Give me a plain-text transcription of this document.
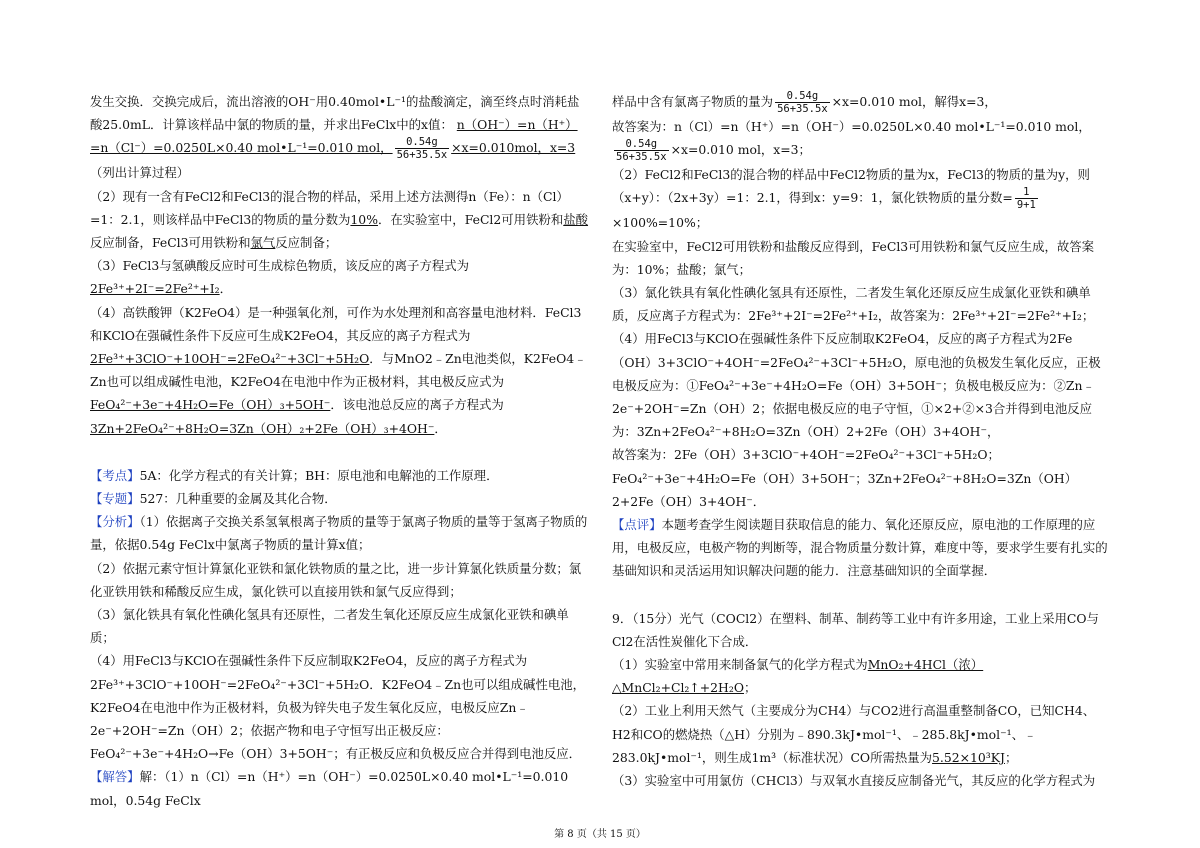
发生交换．交换完成后，流出溶液的OH⁻用0.40mol•L⁻¹的盐酸滴定，滴至终点时消耗盐酸25.0mL．计算该样品中氯的物质的量，并求出FeClx中的x值： n（OH⁻）=n（H⁺）=n（Cl⁻）=0.0250L×0.40 mol•L⁻¹=0.010 mol， $\frac{0.54g}{56+35.5x} \times x=0.010mol$，x=3 （列出计算过程）

（2）现有一含有FeCl2和FeCl3的混合物的样品，采用上述方法测得n（Fe）：n（Cl）=1：2.1，则该样品中FeCl3的物质的量分数为10%．在实验室中，FeCl2可用铁粉和盐酸反应制备，FeCl3可用铁粉和氯气反应制备；

（3）FeCl3与氢碘酸反应时可生成棕色物质，该反应的离子方程式为2Fe³⁺+2I⁻=2Fe²⁺+I₂．

（4）高铁酸钾（K2FeO4）是一种强氧化剂，可作为水处理剂和高容量电池材料．FeCl3和KClO在强碱性条件下反应可生成K2FeO4，其反应的离子方程式为2Fe³⁺+3ClO⁻+10OH⁻=2FeO₄²⁻+3Cl⁻+5H₂O．与MnO2﹣Zn电池类似，K2FeO4﹣Zn也可以组成碱性电池，K2FeO4在电池中作为正极材料，其电极反应式为FeO₄²⁻+3e⁻+4H₂O=Fe（OH）₃+5OH⁻．该电池总反应的离子方程式为3Zn+2FeO₄²⁻+8H₂O=3Zn（OH）₂+2Fe（OH）₃+4OH⁻．

【考点】5A：化学方程式的有关计算；BH：原电池和电解池的工作原理．

【专题】527：几种重要的金属及其化合物．

【分析】（1）依据离子交换关系氢氧根离子物质的量等于氯离子物质的量等于氢离子物质的量，依据0.54g FeClx中氯离子物质的量计算x值；

（2）依据元素守恒计算氯化亚铁和氯化铁物质的量之比，进一步计算氯化铁质量分数；氯化亚铁用铁和稀酸反应生成，氯化铁可以直接用铁和氯气反应得到；

（3）氯化铁具有氧化性碘化氢具有还原性，二者发生氧化还原反应生成氯化亚铁和碘单质；

（4）用FeCl3与KClO在强碱性条件下反应制取K2FeO4，反应的离子方程式为2Fe³⁺+3ClO⁻+10OH⁻=2FeO₄²⁻+3Cl⁻+5H₂O．K2FeO4﹣Zn也可以组成碱性电池，K2FeO4在电池中作为正极材料，负极为锌失电子发生氧化反应，电极反应Zn﹣2e⁻+2OH⁻=Zn（OH）2；依据产物和电子守恒写出正极反应：FeO₄²⁻+3e⁻+4H₂O→Fe（OH）3+5OH⁻；有正极反应和负极反应合并得到电池反应．

【解答】解：（1）n（Cl）=n（H⁺）=n（OH⁻）=0.0250L×0.40 mol•L⁻¹=0.010 mol，0.54g FeClx

样品中含有氯离子物质的量为 $\frac{0.54g}{56+35.5x} \times x=0.010$ mol，解得x=3，

故答案为：n（Cl）=n（H⁺）=n（OH⁻）=0.0250L×0.40 mol•L⁻¹=0.010 mol，
$\frac{0.54g}{56+35.5x} \times x=0.010$ mol，x=3；

（2）FeCl2和FeCl3的混合物的样品中FeCl2物质的量为x，FeCl3的物质的量为y，则（x+y）：（2x+3y）=1：2.1，得到x：y=9：1，氯化铁物质的量分数= $\frac{1}{9+1}$
×100%=10%；

在实验室中，FeCl2可用铁粉和盐酸反应得到，FeCl3可用铁粉和氯气反应生成，故答案为：10%；盐酸；氯气；

（3）氯化铁具有氧化性碘化氢具有还原性，二者发生氧化还原反应生成氯化亚铁和碘单质，反应离子方程式为：2Fe³⁺+2I⁻=2Fe²⁺+I₂，故答案为：2Fe³⁺+2I⁻=2Fe²⁺+I₂；

（4）用FeCl3与KClO在强碱性条件下反应制取K2FeO4，反应的离子方程式为2Fe（OH）3+3ClO⁻+4OH⁻=2FeO₄²⁻+3Cl⁻+5H₂O，原电池的负极发生氧化反应，正极电极反应为：①FeO₄²⁻+3e⁻+4H₂O=Fe（OH）3+5OH⁻；负极电极反应为：②Zn﹣2e⁻+2OH⁻=Zn（OH）2；依据电极反应的电子守恒，①×2+②×3合并得到电池反应为：3Zn+2FeO₄²⁻+8H₂O=3Zn（OH）2+2Fe（OH）3+4OH⁻，

故答案为：2Fe（OH）3+3ClO⁻+4OH⁻=2FeO₄²⁻+3Cl⁻+5H₂O；FeO₄²⁻+3e⁻+4H₂O=Fe（OH）3+5OH⁻；3Zn+2FeO₄²⁻+8H₂O=3Zn（OH）2+2Fe（OH）3+4OH⁻．

【点评】本题考查学生阅读题目获取信息的能力、氧化还原反应，原电池的工作原理的应用，电极反应，电极产物的判断等，混合物质量分数计算，难度中等，要求学生要有扎实的基础知识和灵活运用知识解决问题的能力．注意基础知识的全面掌握．

9．（15分）光气（COCl2）在塑料、制革、制药等工业中有许多用途，工业上采用CO与Cl2在活性炭催化下合成．

（1）实验室中常用来制备氯气的化学方程式为MnO₂+4HCl（浓）△MnCl₂+Cl₂↑+2H₂O；

（2）工业上利用天然气（主要成分为CH4）与CO2进行高温重整制备CO，已知CH4、H2和CO的燃烧热（△H）分别为﹣890.3kJ•mol⁻¹、﹣285.8kJ•mol⁻¹、﹣283.0kJ•mol⁻¹，则生成1m³（标准状况）CO所需热量为5.52×10³KJ；

（3）实验室中可用氯仿（CHCl3）与双氧水直接反应制备光气，其反应的化学方程式为

第 8 页（共 15 页）
